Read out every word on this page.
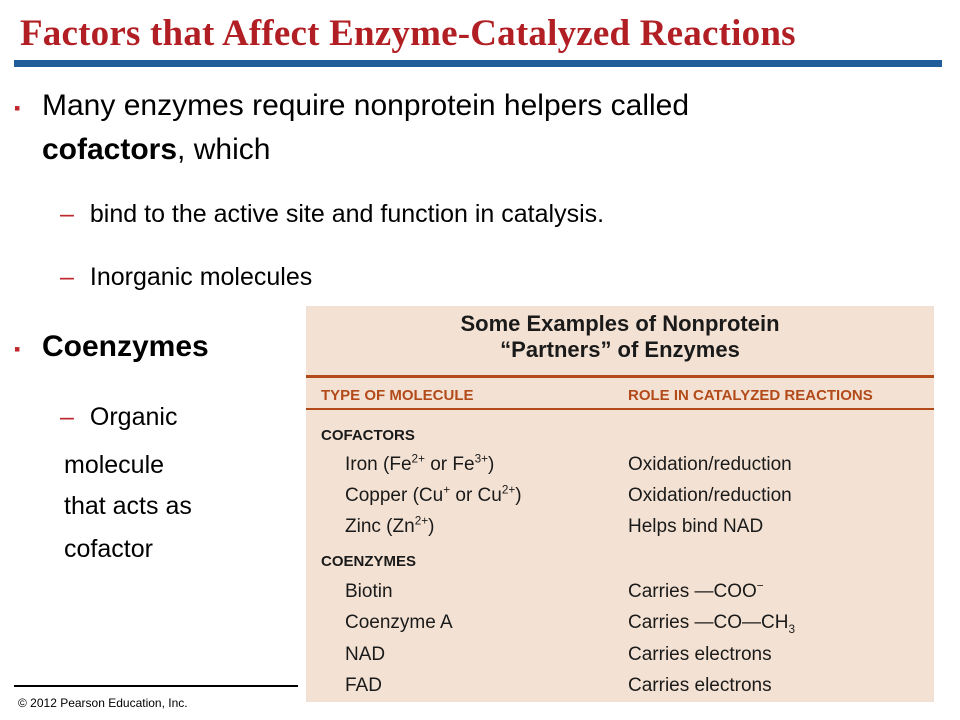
Factors that Affect Enzyme-Catalyzed Reactions
▪ Many enzymes require nonprotein helpers called
cofactors, which
– bind to the active site and function in catalysis.
– Inorganic molecules
▪ Coenzymes
– Organic
molecule
that acts as
cofactor
© 2012 Pearson Education, Inc.
Some Examples of Nonprotein
“Partners” of Enzymes
TYPE OF MOLECULE	ROLE IN CATALYZED REACTIONS
COFACTORS
Iron ($Fe^{2+}$ or $Fe^{3+}$)	Oxidation/reduction
Copper (Cu+ or $Cu^{2+}$)	Oxidation/reduction
Zinc $(Zn^{2+})$	Helps bind NAD
COENZYMES
Biotin	Carries —COO−
Coenzyme A	Carries $—CO—CH_3$
NAD	Carries electrons
FAD	Carries electrons
